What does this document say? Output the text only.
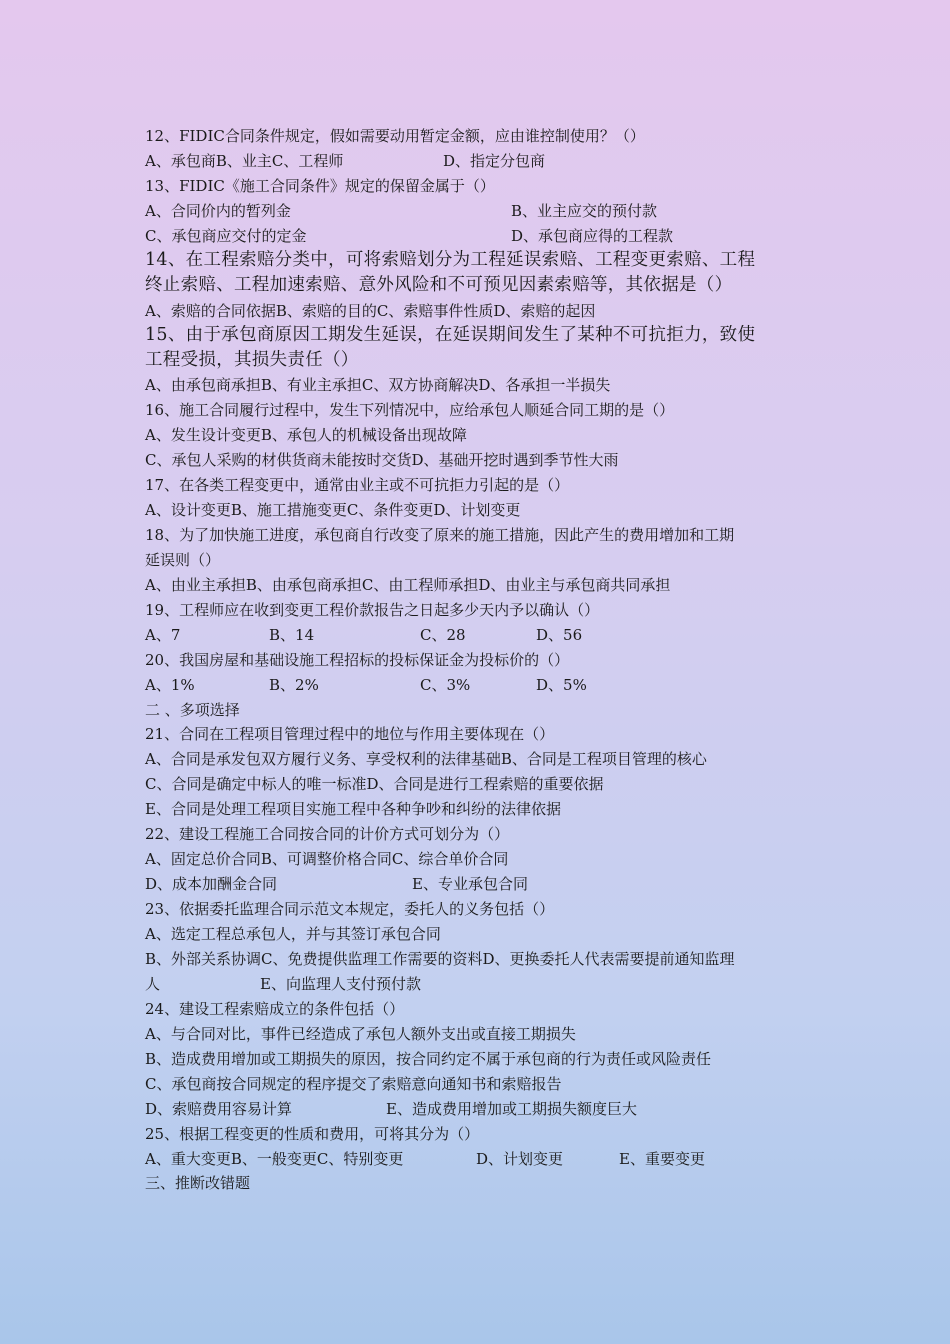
12、FIDIC合同条件规定，假如需要动用暂定金额，应由谁控制使用？（）
A、承包商B、业主C、工程师	D、指定分包商
13、FIDIC《施工合同条件》规定的保留金属于（）
A、合同价内的暂列金	B、业主应交的预付款
C、承包商应交付的定金	D、承包商应得的工程款
14、在工程索赔分类中，可将索赔划分为工程延误索赔、工程变更索赔、工程
终止索赔、工程加速索赔、意外风险和不可预见因素索赔等，其依据是（）
A、索赔的合同依据B、索赔的目的C、索赔事件性质D、索赔的起因
15、由于承包商原因工期发生延误，在延误期间发生了某种不可抗拒力，致使
工程受损，其损失责任（）
A、由承包商承担B、有业主承担C、双方协商解决D、各承担一半损失
16、施工合同履行过程中，发生下列情况中，应给承包人顺延合同工期的是（）
A、发生设计变更B、承包人的机械设备出现故障
C、承包人采购的材供货商未能按时交货D、基础开挖时遇到季节性大雨
17、在各类工程变更中，通常由业主或不可抗拒力引起的是（）
A、设计变更B、施工措施变更C、条件变更D、计划变更
18、为了加快施工进度，承包商自行改变了原来的施工措施，因此产生的费用增加和工期
延误则（）
A、由业主承担B、由承包商承担C、由工程师承担D、由业主与承包商共同承担
19、工程师应在收到变更工程价款报告之日起多少天内予以确认（）
A、7	B、14	C、28	D、56
20、我国房屋和基础设施工程招标的投标保证金为投标价的（）
A、1%	B、2%	C、3%	D、5%
二 、多项选择
21、合同在工程项目管理过程中的地位与作用主要体现在（）
A、合同是承发包双方履行义务、享受权利的法律基础B、合同是工程项目管理的核心
C、合同是确定中标人的唯一标准D、合同是进行工程索赔的重要依据
E、合同是处理工程项目实施工程中各种争吵和纠纷的法律依据
22、建设工程施工合同按合同的计价方式可划分为（）
A、固定总价合同B、可调整价格合同C、综合单价合同
D、成本加酬金合同	E、专业承包合同
23、依据委托监理合同示范文本规定，委托人的义务包括（）
A、选定工程总承包人，并与其签订承包合同
B、外部关系协调C、免费提供监理工作需要的资料D、更换委托人代表需要提前通知监理
人	E、向监理人支付预付款
24、建设工程索赔成立的条件包括（）
A、与合同对比，事件已经造成了承包人额外支出或直接工期损失
B、造成费用增加或工期损失的原因，按合同约定不属于承包商的行为责任或风险责任
C、承包商按合同规定的程序提交了索赔意向通知书和索赔报告
D、索赔费用容易计算	E、造成费用增加或工期损失额度巨大
25、根据工程变更的性质和费用，可将其分为（）
A、重大变更B、一般变更C、特别变更	D、计划变更	E、重要变更
三、推断改错题
